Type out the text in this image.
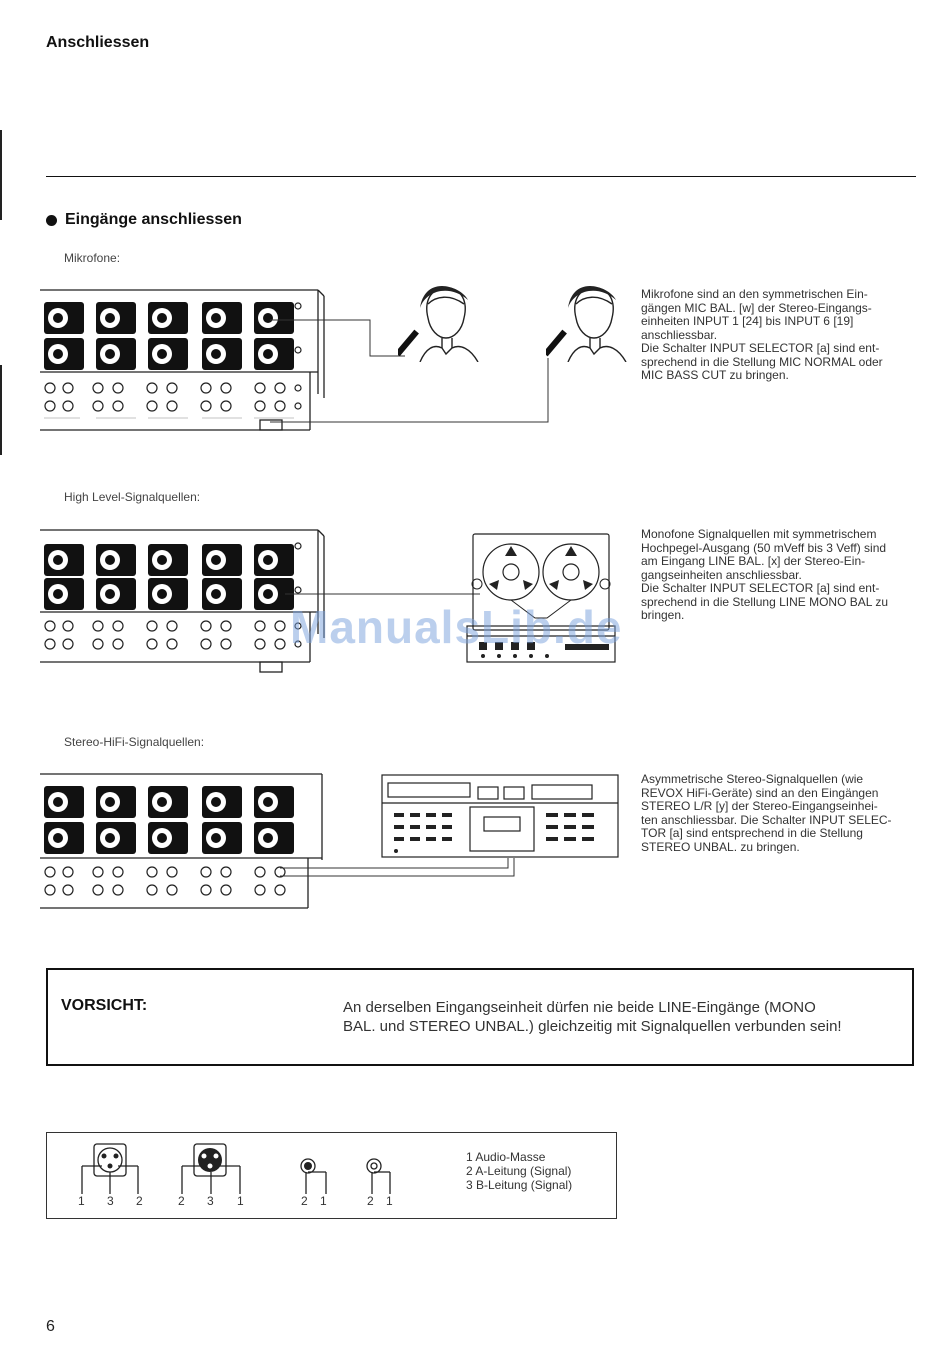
Anschliessen
Eingänge anschliessen
Mikrofone:
Mikrofone sind an den symmetrischen Ein-
gängen MIC BAL. [w] der Stereo-Eingangs-
einheiten INPUT 1 [24] bis INPUT 6 [19]
anschliessbar.
Die Schalter INPUT SELECTOR [a] sind ent-
sprechend in die Stellung MIC NORMAL oder
MIC BASS CUT zu bringen.
High Level-Signalquellen:
Monofone Signalquellen mit symmetrischem
Hochpegel-Ausgang (50 mVeff bis 3 Veff) sind
am Eingang LINE BAL. [x] der Stereo-Ein-
gangseinheiten anschliessbar.
Die Schalter INPUT SELECTOR [a] sind ent-
sprechend in die Stellung LINE MONO BAL zu
bringen.
ManualsLib.de
Stereo-HiFi-Signalquellen:
Asymmetrische Stereo-Signalquellen (wie
REVOX HiFi-Geräte) sind an den Eingängen
STEREO L/R [y] der Stereo-Eingangseinhei-
ten anschliessbar. Die Schalter INPUT SELEC-
TOR [a] sind entsprechend in die Stellung
STEREO UNBAL. zu bringen.
VORSICHT:	An derselben Eingangseinheit dürfen nie beide LINE-Eingänge (MONO
BAL. und STEREO UNBAL.) gleichzeitig mit Signalquellen verbunden sein!
1 3 2	2 3 1	2 1	2 1
1 Audio-Masse
2 A-Leitung (Signal)
3 B-Leitung (Signal)
6
